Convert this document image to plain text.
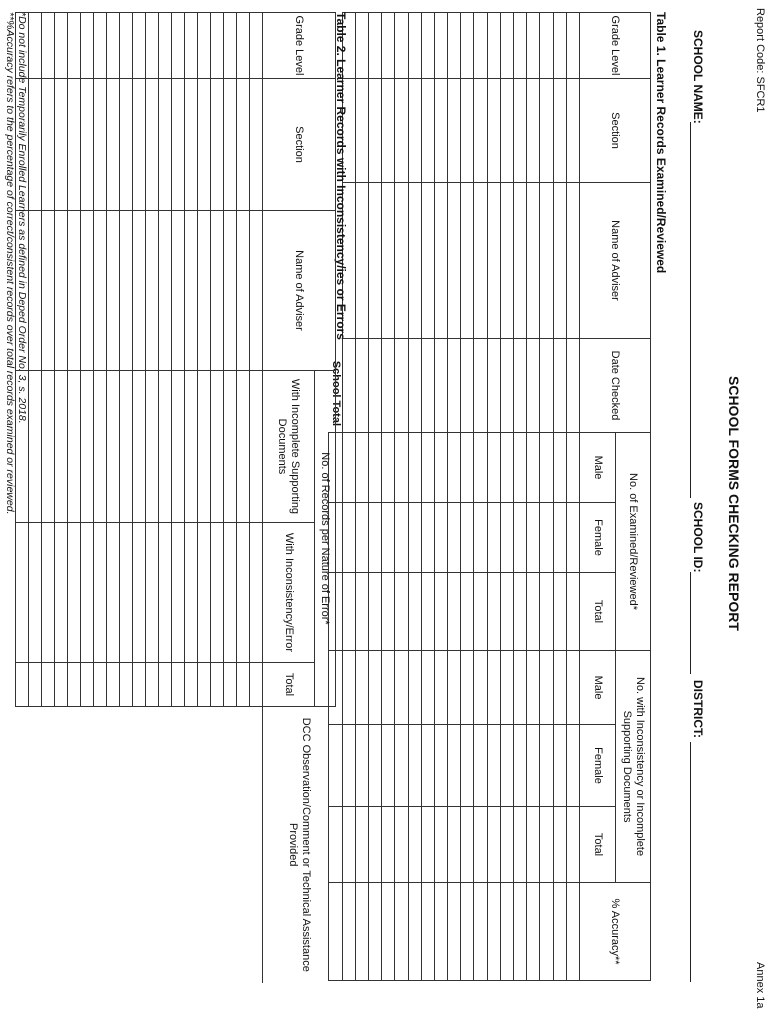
Report Code: SFCR1
Annex 1a
SCHOOL FORMS CHECKING REPORT
SCHOOL NAME:
SCHOOL ID:
DISTRICT:
Table 1. Learner Records Examined/Reviewed
Grade Level	Section	Name of Adviser	Date Checked	No. of Examined/Reviewed*			No. with Inconsistency or Incomplete Supporting Documents			% Accuracy**
				Male	Female	Total	Male	Female	Total	

School Total										
Table 2. Learner Records with Inconsistency/ies or Errors
Grade Level	Section	Name of Adviser	No. of Records per Nature of Error*			DCC Observation/Comment or Technical Assistance Provided
			With Incomplete Supporting Documents	With Inconsistency/Error	Total	

*Do not include Temporarily Enrolled Learners as defined in Deped Order No. 3, s. 2018.
**%Accuracy refers to the percentage of correct/consistent records over total records examined or reviewed.
